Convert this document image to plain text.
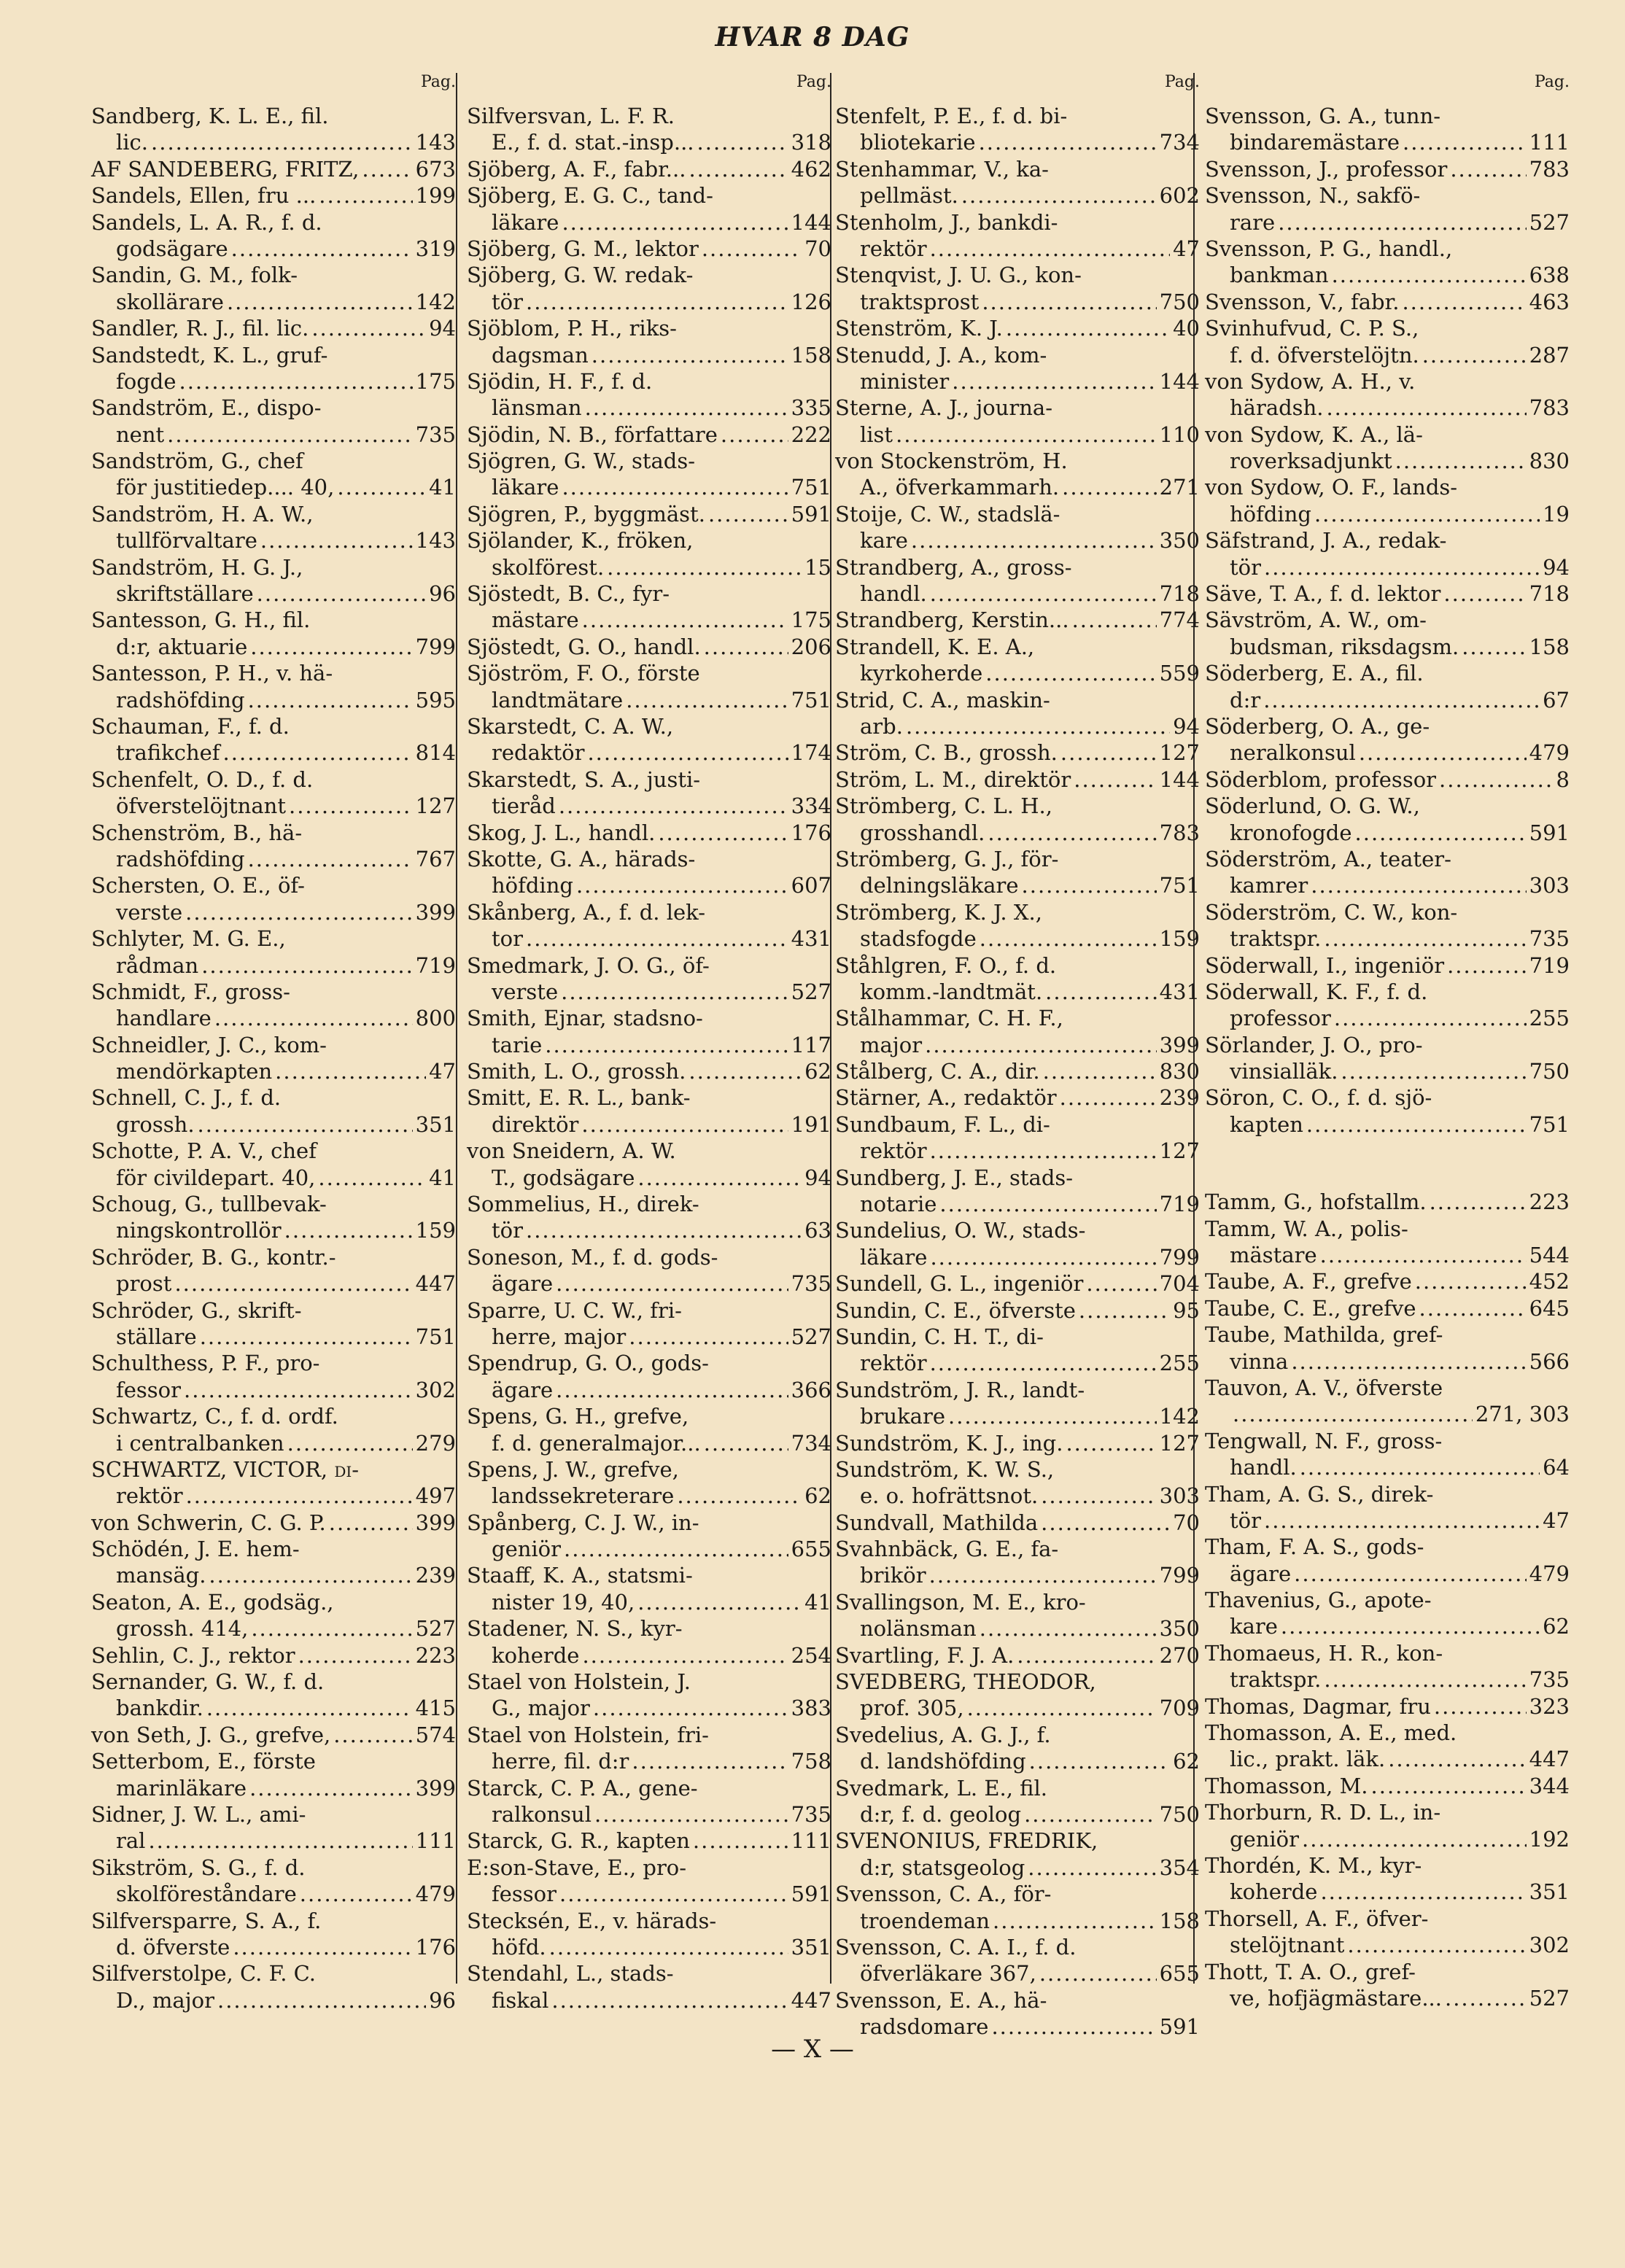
HVAR 8 DAG
Pag.
Sandberg, K. L. E., fil.
lic. .....	143
AF SANDEBERG, FRITZ, .....	673
Sandels, Ellen, fru ... .....	199
Sandels, L. A. R., f. d.
godsägare .....	319
Sandin, G. M., folk-
skollärare .....	142
Sandler, R. J., fil. lic. .....	94
Sandstedt, K. L., gruf-
fogde .....	175
Sandström, E., dispo-
nent .....	735
Sandström, G., chef
för justitiedep.... 40, .....	41
Sandström, H. A. W.,
tullförvaltare .....	143
Sandström, H. G. J.,
skriftställare .....	96
Santesson, G. H., fil.
d:r, aktuarie .....	799
Santesson, P. H., v. hä-
radshöfding .....	595
Schauman, F., f. d.
trafikchef .....	814
Schenfelt, O. D., f. d.
öfverstelöjtnant .....	127
Schenström, B., hä-
radshöfding .....	767
Schersten, O. E., öf-
verste .....	399
Schlyter, M. G. E.,
rådman .....	719
Schmidt, F., gross-
handlare .....	800
Schneidler, J. C., kom-
mendörkapten .....	47
Schnell, C. J., f. d.
grossh. .....	351
Schotte, P. A. V., chef
för civildepart. 40, .....	41
Schoug, G., tullbevak-
ningskontrollör .....	159
Schröder, B. G., kontr.-
prost .....	447
Schröder, G., skrift-
ställare .....	751
Schulthess, P. F., pro-
fessor .....	302
Schwartz, C., f. d. ordf.
i centralbanken .....	279
SCHWARTZ, VICTOR, di-
rektör .....	497
von Schwerin, C. G. P. .....	399
Schödén, J. E. hem-
mansäg. .....	239
Seaton, A. E., godsäg.,
grossh. 414, .....	527
Sehlin, C. J., rektor .....	223
Sernander, G. W., f. d.
bankdir. .....	415
von Seth, J. G., grefve, .....	574
Setterbom, E., förste
marinläkare .....	399
Sidner, J. W. L., ami-
ral .....	111
Sikström, S. G., f. d.
skolföreståndare .....	479
Silfversparre, S. A., f.
d. öfverste .....	176
Silfverstolpe, C. F. C.
D., major .....	96
Pag.
Silfversvan, L. F. R.
E., f. d. stat.-insp... .....	318
Sjöberg, A. F., fabr... .....	462
Sjöberg, E. G. C., tand-
läkare .....	144
Sjöberg, G. M., lektor .....	70
Sjöberg, G. W. redak-
tör .....	126
Sjöblom, P. H., riks-
dagsman .....	158
Sjödin, H. F., f. d.
länsman .....	335
Sjödin, N. B., författare .....	222
Sjögren, G. W., stads-
läkare .....	751
Sjögren, P., byggmäst. .....	591
Sjölander, K., fröken,
skolförest. .....	15
Sjöstedt, B. C., fyr-
mästare .....	175
Sjöstedt, G. O., handl. .....	206
Sjöström, F. O., förste
landtmätare .....	751
Skarstedt, C. A. W.,
redaktör .....	174
Skarstedt, S. A., justi-
tieråd .....	334
Skog, J. L., handl. .....	176
Skotte, G. A., härads-
höfding .....	607
Skånberg, A., f. d. lek-
tor .....	431
Smedmark, J. O. G., öf-
verste .....	527
Smith, Ejnar, stadsno-
tarie .....	117
Smith, L. O., grossh. .....	62
Smitt, E. R. L., bank-
direktör .....	191
von Sneidern, A. W.
T., godsägare .....	94
Sommelius, H., direk-
tör .....	63
Soneson, M., f. d. gods-
ägare .....	735
Sparre, U. C. W., fri-
herre, major .....	527
Spendrup, G. O., gods-
ägare .....	366
Spens, G. H., grefve,
f. d. generalmajor... .....	734
Spens, J. W., grefve,
landssekreterare .....	62
Spånberg, C. J. W., in-
geniör .....	655
Staaff, K. A., statsmi-
nister 19, 40, .....	41
Stadener, N. S., kyr-
koherde .....	254
Stael von Holstein, J.
G., major .....	383
Stael von Holstein, fri-
herre, fil. d:r .....	758
Starck, C. P. A., gene-
ralkonsul .....	735
Starck, G. R., kapten .....	111
E:son-Stave, E., pro-
fessor .....	591
Stecksén, E., v. härads-
höfd. .....	351
Stendahl, L., stads-
fiskal .....	447
Pag.
Stenfelt, P. E., f. d. bi-
bliotekarie .....	734
Stenhammar, V., ka-
pellmäst. .....	602
Stenholm, J., bankdi-
rektör .....	47
Stenqvist, J. U. G., kon-
traktsprost .....	750
Stenström, K. J. .....	40
Stenudd, J. A., kom-
minister .....	144
Sterne, A. J., journa-
list .....	110
von Stockenström, H.
A., öfverkammarh. .....	271
Stoije, C. W., stadslä-
kare .....	350
Strandberg, A., gross-
handl. .....	718
Strandberg, Kerstin... .....	774
Strandell, K. E. A.,
kyrkoherde .....	559
Strid, C. A., maskin-
arb. .....	94
Ström, C. B., grossh. .....	127
Ström, L. M., direktör .....	144
Strömberg, C. L. H.,
grosshandl. .....	783
Strömberg, G. J., för-
delningsläkare .....	751
Strömberg, K. J. X.,
stadsfogde .....	159
Ståhlgren, F. O., f. d.
komm.-landtmät. .....	431
Stålhammar, C. H. F.,
major .....	399
Stålberg, C. A., dir. .....	830
Stärner, A., redaktör .....	239
Sundbaum, F. L., di-
rektör .....	127
Sundberg, J. E., stads-
notarie .....	719
Sundelius, O. W., stads-
läkare .....	799
Sundell, G. L., ingeniör .....	704
Sundin, C. E., öfverste .....	95
Sundin, C. H. T., di-
rektör .....	255
Sundström, J. R., landt-
brukare .....	142
Sundström, K. J., ing. .....	127
Sundström, K. W. S.,
e. o. hofrättsnot. .....	303
Sundvall, Mathilda .....	70
Svahnbäck, G. E., fa-
brikör .....	799
Svallingson, M. E., kro-
nolänsman .....	350
Svartling, F. J. A. .....	270
SVEDBERG, THEODOR,
prof. 305, .....	709
Svedelius, A. G. J., f.
d. landshöfding .....	62
Svedmark, L. E., fil.
d:r, f. d. geolog .....	750
SVENONIUS, FREDRIK,
d:r, statsgeolog .....	354
Svensson, C. A., för-
troendeman .....	158
Svensson, C. A. I., f. d.
öfverläkare 367, .....	655
Svensson, E. A., hä-
radsdomare .....	591
Pag.
Svensson, G. A., tunn-
bindaremästare .....	111
Svensson, J., professor .....	783
Svensson, N., sakfö-
rare .....	527
Svensson, P. G., handl.,
bankman .....	638
Svensson, V., fabr. .....	463
Svinhufvud, C. P. S.,
f. d. öfverstelöjtn. .....	287
von Sydow, A. H., v.
häradsh. .....	783
von Sydow, K. A., lä-
roverksadjunkt .....	830
von Sydow, O. F., lands-
höfding .....	19
Säfstrand, J. A., redak-
tör .....	94
Säve, T. A., f. d. lektor .....	718
Sävström, A. W., om-
budsman, riksdagsm. .....	158
Söderberg, E. A., fil.
d:r .....	67
Söderberg, O. A., ge-
neralkonsul .....	479
Söderblom, professor .....	8
Söderlund, O. G. W.,
kronofogde .....	591
Söderström, A., teater-
kamrer .....	303
Söderström, C. W., kon-
traktspr. .....	735
Söderwall, I., ingeniör .....	719
Söderwall, K. F., f. d.
professor .....	255
Sörlander, J. O., pro-
vinsialläk. .....	750
Söron, C. O., f. d. sjö-
kapten .....	751
Tamm, G., hofstallm. .....	223
Tamm, W. A., polis-
mästare .....	544
Taube, A. F., grefve .....	452
Taube, C. E., grefve .....	645
Taube, Mathilda, gref-
vinna .....	566
Tauvon, A. V., öfverste
.....
271, 303
Tengwall, N. F., gross-
handl. .....	64
Tham, A. G. S., direk-
tör .....	47
Tham, F. A. S., gods-
ägare .....	479
Thavenius, G., apote-
kare .....	62
Thomaeus, H. R., kon-
traktspr. .....	735
Thomas, Dagmar, fru .....	323
Thomasson, A. E., med.
lic., prakt. läk. .....	447
Thomasson, M. .....	344
Thorburn, R. D. L., in-
geniör .....	192
Thordén, K. M., kyr-
koherde .....	351
Thorsell, A. F., öfver-
stelöjtnant .....	302
Thott, T. A. O., gref-
ve, hofjägmästare... .....	527
— X —
